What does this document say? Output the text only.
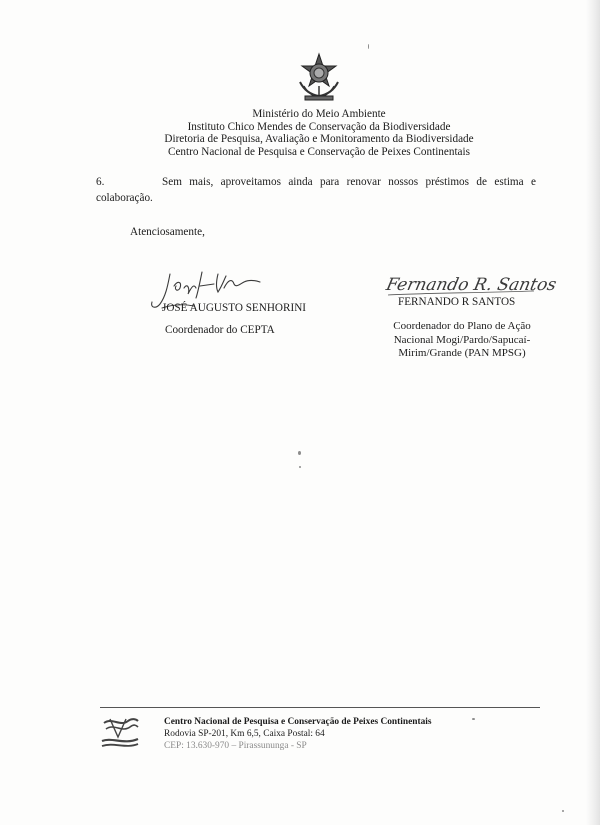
Ministério do Meio Ambiente
Instituto Chico Mendes de Conservação da Biodiversidade
Diretoria de Pesquisa, Avaliação e Monitoramento da Biodiversidade
Centro Nacional de Pesquisa e Conservação de Peixes Continentais
6.	Sem mais, aproveitamos ainda para renovar nossos préstimos de estima e
colaboração.
Atenciosamente,
Fernando R. Santos
JOSÉ AUGUSTO SENHORINI
Coordenador do CEPTA
FERNANDO R SANTOS
Coordenador do Plano de Ação Nacional Mogi/Pardo/Sapucaí-Mirim/Grande (PAN MPSG)
Centro Nacional de Pesquisa e Conservação de Peixes Continentais
Rodovia SP-201, Km 6,5, Caixa Postal: 64
CEP: 13.630-970 – Pirassununga - SP
